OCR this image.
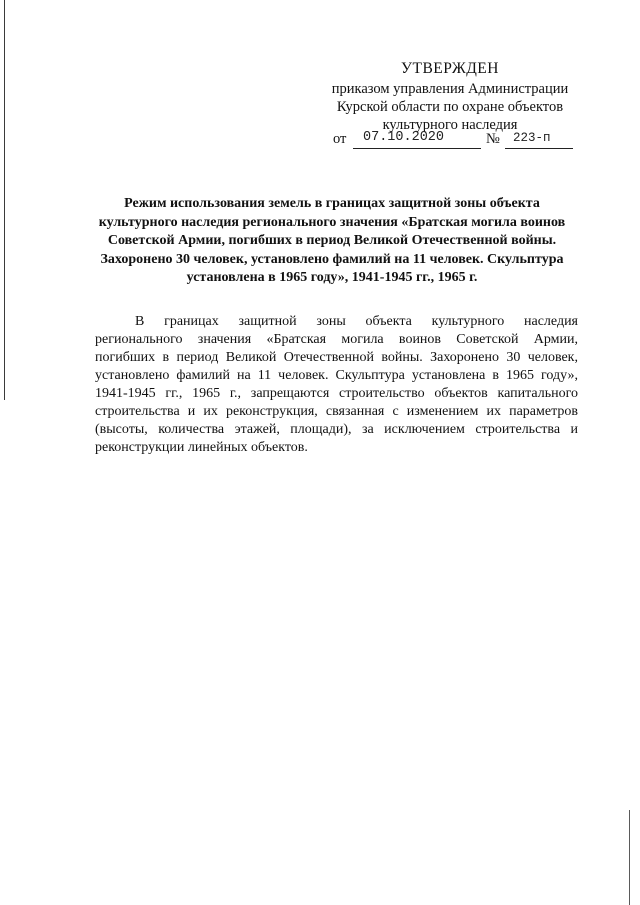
УТВЕРЖДЕН
приказом управления Администрации
Курской области по охране объектов
культурного наследия
от 07.10.2020	№ 223-п
Режим использования земель в границах защитной зоны объекта
культурного наследия регионального значения «Братская могила воинов
Советской Армии, погибших в период Великой Отечественной войны.
Захоронено 30 человек, установлено фамилий на 11 человек. Скульптура
установлена в 1965 году», 1941-1945 гг., 1965 г.
В границах защитной зоны объекта культурного наследия
регионального значения «Братская могила воинов Советской Армии,
погибших в период Великой Отечественной войны. Захоронено 30 человек,
установлено фамилий на 11 человек. Скульптура установлена в 1965 году»,
1941-1945 гг., 1965 г., запрещаются строительство объектов капитального
строительства и их реконструкция, связанная с изменением их параметров
(высоты, количества этажей, площади), за исключением строительства и
реконструкции линейных объектов.
